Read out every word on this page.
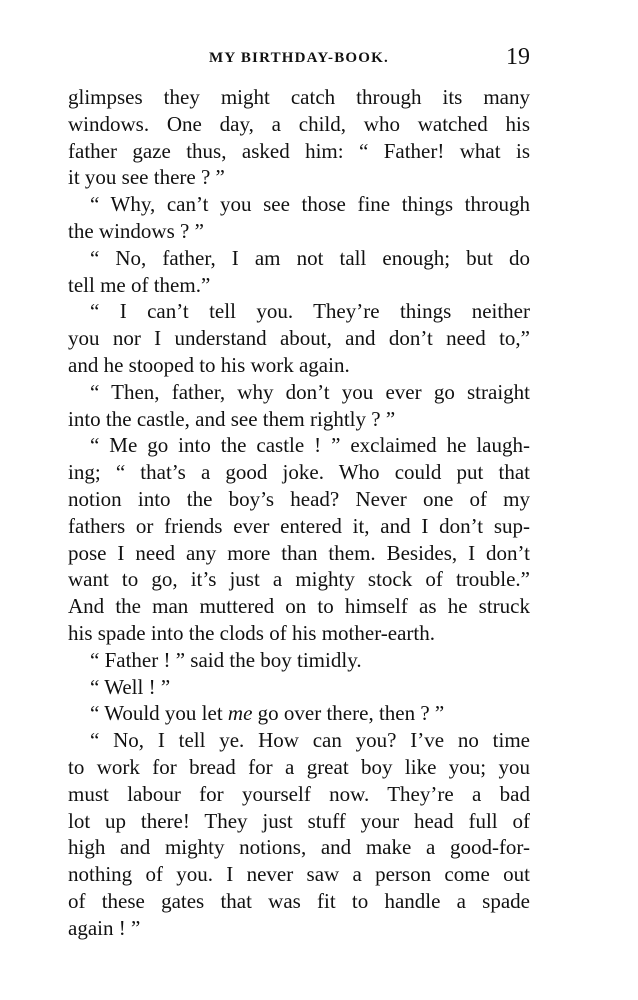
MY BIRTHDAY-BOOK.	19
glimpses they might catch through its many
windows. One day, a child, who watched his
father gaze thus, asked him: “ Father! what is
it you see there ? ”
“ Why, can’t you see those fine things through
the windows ? ”
“ No, father, I am not tall enough; but do
tell me of them.”
“ I can’t tell you. They’re things neither
you nor I understand about, and don’t need to,”
and he stooped to his work again.
“ Then, father, why don’t you ever go straight
into the castle, and see them rightly ? ”
“ Me go into the castle ! ” exclaimed he laugh-
ing; “ that’s a good joke. Who could put that
notion into the boy’s head? Never one of my
fathers or friends ever entered it, and I don’t sup-
pose I need any more than them. Besides, I don’t
want to go, it’s just a mighty stock of trouble.”
And the man muttered on to himself as he struck
his spade into the clods of his mother-earth.
“ Father ! ” said the boy timidly.
“ Well ! ”
“ Would you let me go over there, then ? ”
“ No, I tell ye. How can you? I’ve no time
to work for bread for a great boy like you; you
must labour for yourself now. They’re a bad
lot up there! They just stuff your head full of
high and mighty notions, and make a good-for-
nothing of you. I never saw a person come out
of these gates that was fit to handle a spade
again ! ”
